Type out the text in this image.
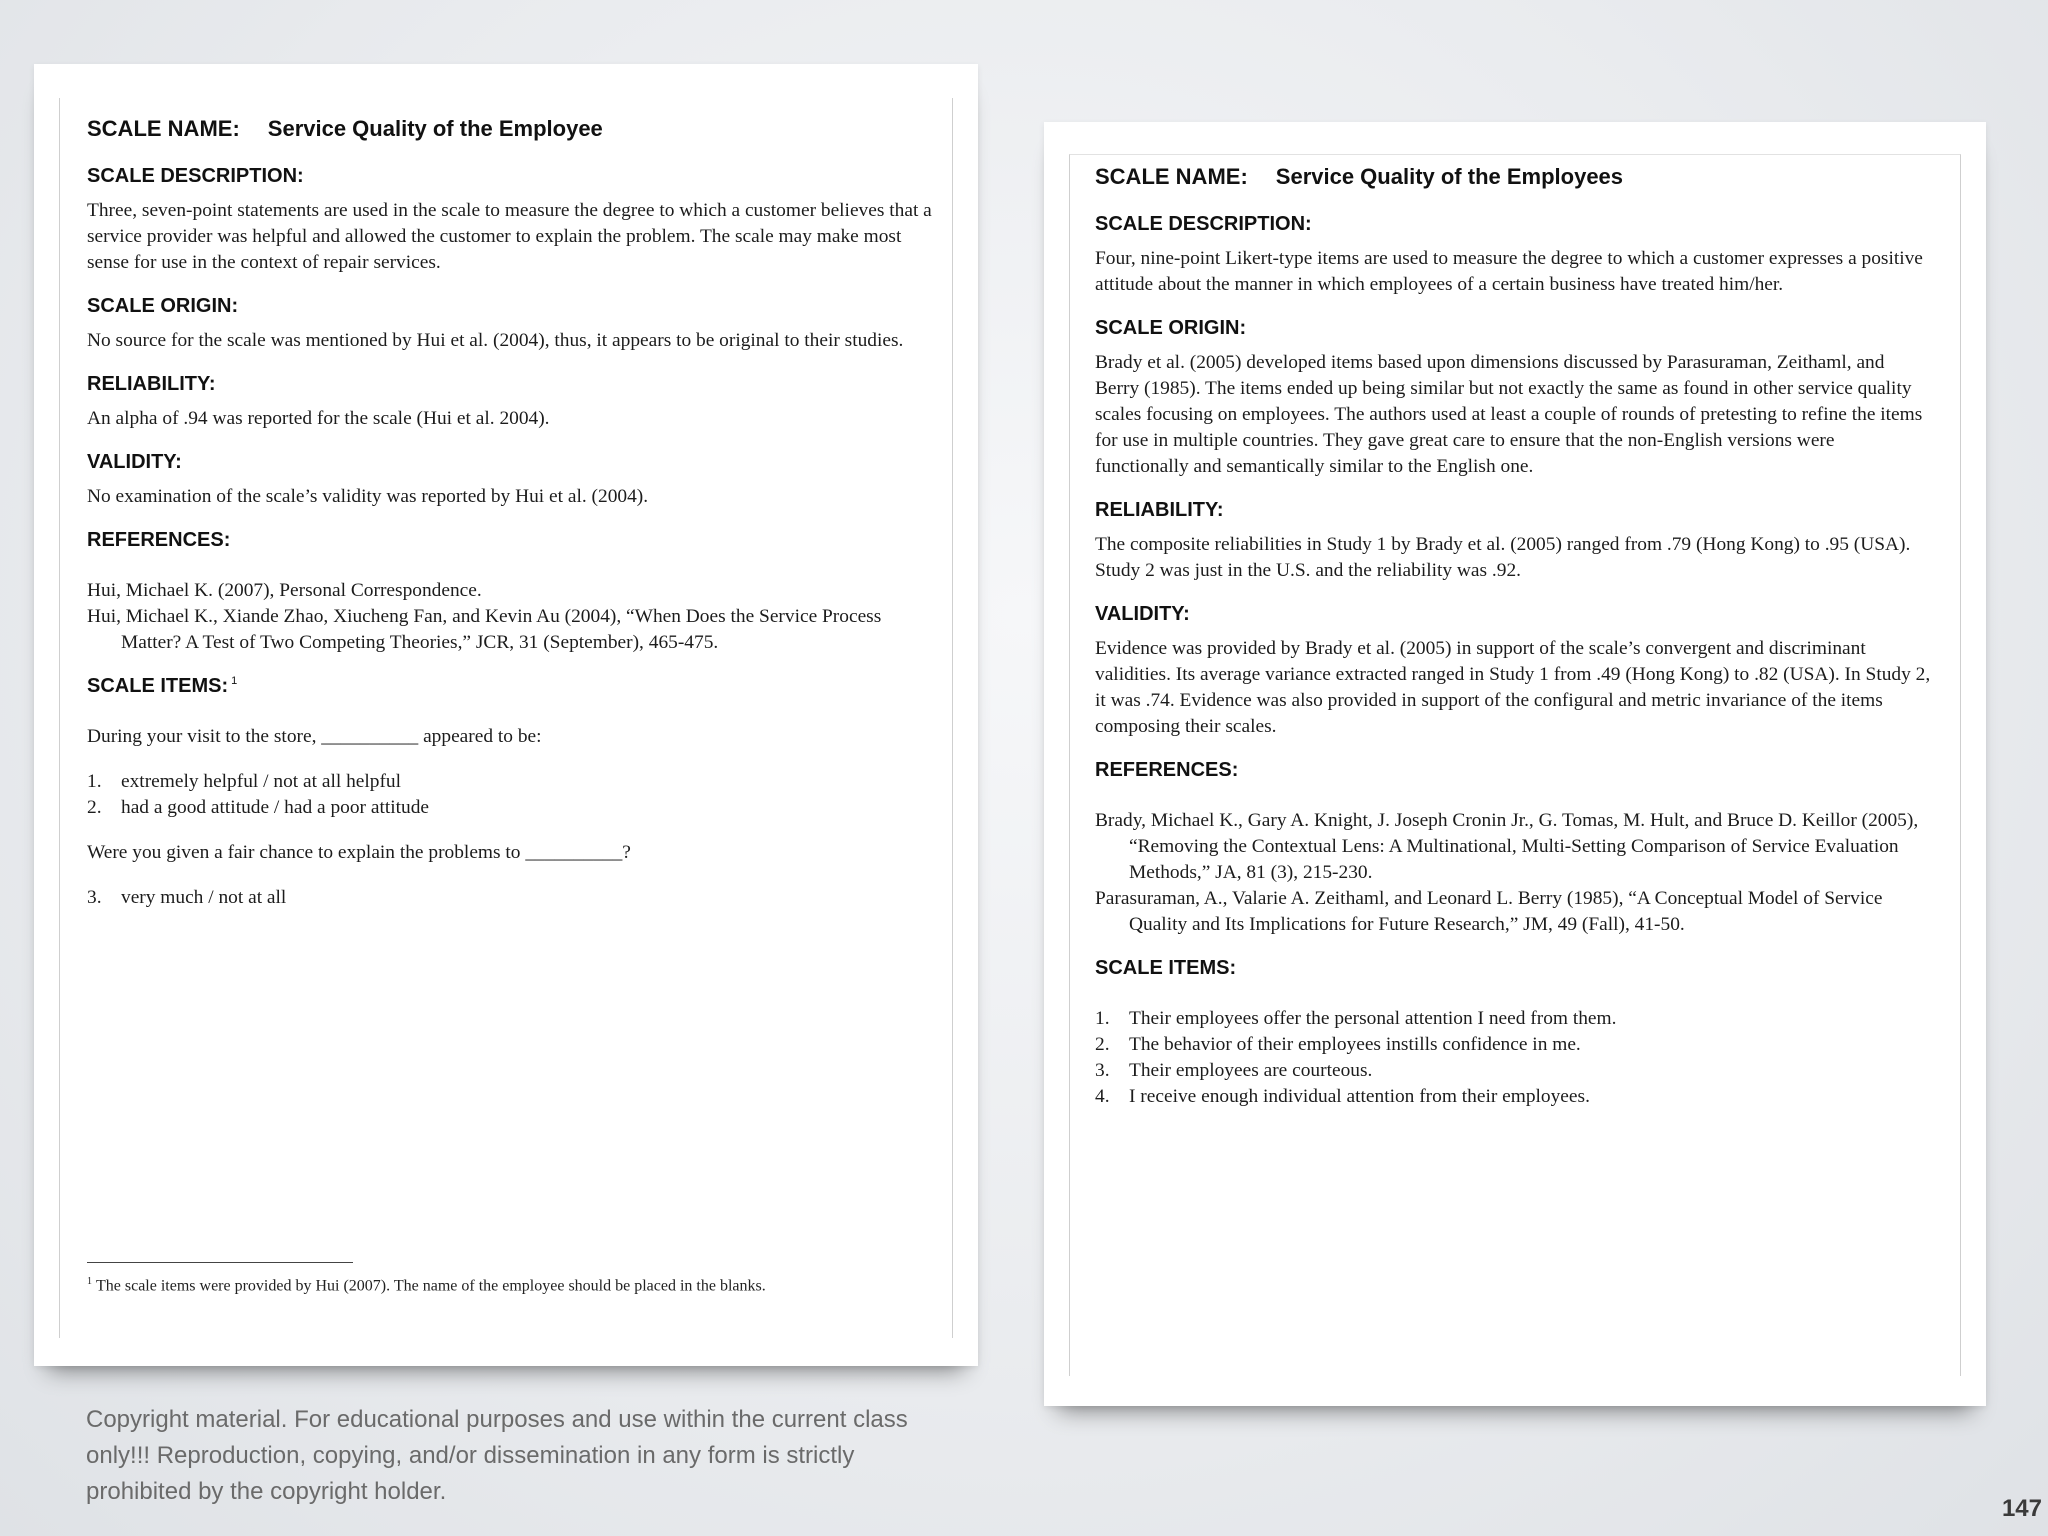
SCALE NAME: Service Quality of the Employee
SCALE DESCRIPTION:
Three, seven-point statements are used in the scale to measure the degree to which a customer believes that a service provider was helpful and allowed the customer to explain the problem. The scale may make most sense for use in the context of repair services.
SCALE ORIGIN:
No source for the scale was mentioned by Hui et al. (2004), thus, it appears to be original to their studies.
RELIABILITY:
An alpha of .94 was reported for the scale (Hui et al. 2004).
VALIDITY:
No examination of the scale’s validity was reported by Hui et al. (2004).
REFERENCES:
Hui, Michael K. (2007), Personal Correspondence.
Hui, Michael K., Xiande Zhao, Xiucheng Fan, and Kevin Au (2004), “When Does the Service Process Matter? A Test of Two Competing Theories,” JCR, 31 (September), 465-475.
SCALE ITEMS: $^1$
During your visit to the store, __________ appeared to be:
1. extremely helpful / not at all helpful
2. had a good attitude / had a poor attitude
Were you given a fair chance to explain the problems to __________?
3. very much / not at all
$^1$ The scale items were provided by Hui (2007). The name of the employee should be placed in the blanks.
SCALE NAME: Service Quality of the Employees
SCALE DESCRIPTION:
Four, nine-point Likert-type items are used to measure the degree to which a customer expresses a positive attitude about the manner in which employees of a certain business have treated him/her.
SCALE ORIGIN:
Brady et al. (2005) developed items based upon dimensions discussed by Parasuraman, Zeithaml, and Berry (1985). The items ended up being similar but not exactly the same as found in other service quality scales focusing on employees. The authors used at least a couple of rounds of pretesting to refine the items for use in multiple countries. They gave great care to ensure that the non-English versions were functionally and semantically similar to the English one.
RELIABILITY:
The composite reliabilities in Study 1 by Brady et al. (2005) ranged from .79 (Hong Kong) to .95 (USA). Study 2 was just in the U.S. and the reliability was .92.
VALIDITY:
Evidence was provided by Brady et al. (2005) in support of the scale’s convergent and discriminant validities. Its average variance extracted ranged in Study 1 from .49 (Hong Kong) to .82 (USA). In Study 2, it was .74. Evidence was also provided in support of the configural and metric invariance of the items composing their scales.
REFERENCES:
Brady, Michael K., Gary A. Knight, J. Joseph Cronin Jr., G. Tomas, M. Hult, and Bruce D. Keillor (2005), “Removing the Contextual Lens: A Multinational, Multi-Setting Comparison of Service Evaluation Methods,” JA, 81 (3), 215-230.
Parasuraman, A., Valarie A. Zeithaml, and Leonard L. Berry (1985), “A Conceptual Model of Service Quality and Its Implications for Future Research,” JM, 49 (Fall), 41-50.
SCALE ITEMS:
1. Their employees offer the personal attention I need from them.
2. The behavior of their employees instills confidence in me.
3. Their employees are courteous.
4. I receive enough individual attention from their employees.
Copyright material. For educational purposes and use within the current class only!!! Reproduction, copying, and/or dissemination in any form is strictly prohibited by the copyright holder.
147
